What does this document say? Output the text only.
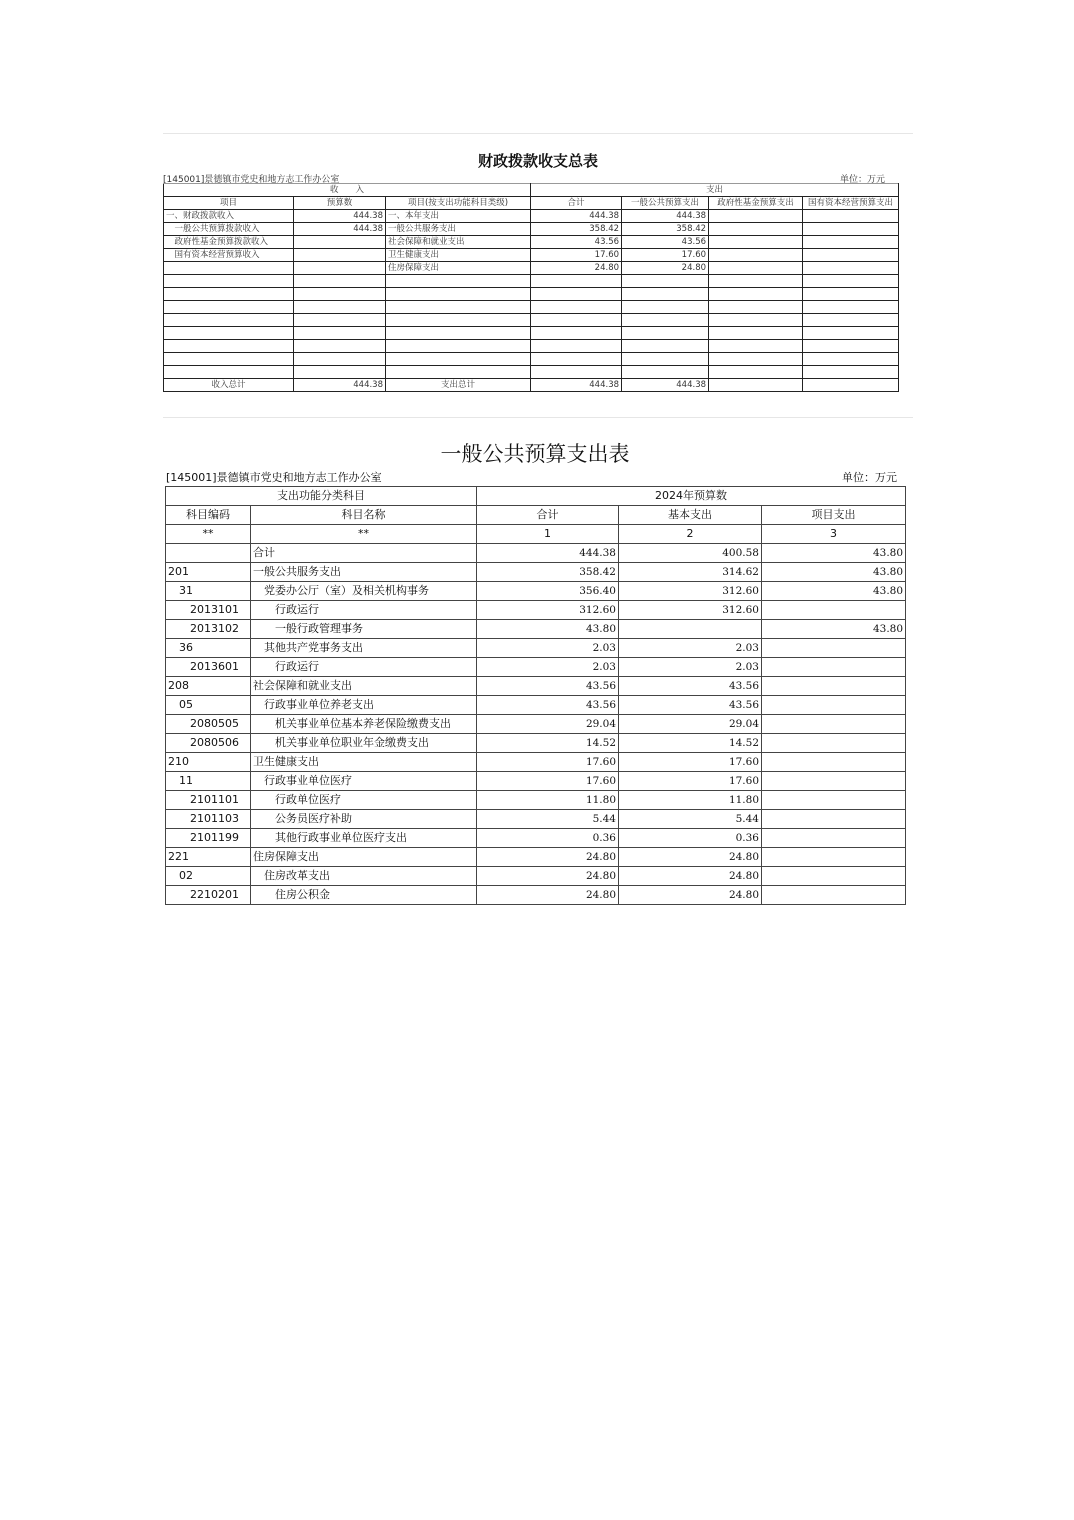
财政拨款收支总表
[145001]景德镇市党史和地方志工作办公室	单位：万元
收　　入			支出			
项目	预算数	项目(按支出功能科目类级)	合计	一般公共预算支出	政府性基金预算支出	国有资本经营预算支出
一、财政拨款收入	444.38	一、本年支出	444.38	444.38		
　一般公共预算拨款收入	444.38	一般公共服务支出	358.42	358.42		
　政府性基金预算拨款收入		社会保障和就业支出	43.56	43.56		
　国有资本经营预算收入		卫生健康支出	17.60	17.60		
		住房保障支出	24.80	24.80		

收入总计	444.38	支出总计	444.38	444.38		
一般公共预算支出表
[145001]景德镇市党史和地方志工作办公室	单位：万元
支出功能分类科目		2024年预算数		
科目编码	科目名称	合计	基本支出	项目支出
**	**	1	2	3
	合计	444.38	400.58	43.80
201	一般公共服务支出	358.42	314.62	43.80
　31	　党委办公厅（室）及相关机构事务	356.40	312.60	43.80
　　2013101	　　行政运行	312.60	312.60	
　　2013102	　　一般行政管理事务	43.80		43.80
　36	　其他共产党事务支出	2.03	2.03	
　　2013601	　　行政运行	2.03	2.03	
208	社会保障和就业支出	43.56	43.56	
　05	　行政事业单位养老支出	43.56	43.56	
　　2080505	　　机关事业单位基本养老保险缴费支出	29.04	29.04	
　　2080506	　　机关事业单位职业年金缴费支出	14.52	14.52	
210	卫生健康支出	17.60	17.60	
　11	　行政事业单位医疗	17.60	17.60	
　　2101101	　　行政单位医疗	11.80	11.80	
　　2101103	　　公务员医疗补助	5.44	5.44	
　　2101199	　　其他行政事业单位医疗支出	0.36	0.36	
221	住房保障支出	24.80	24.80	
　02	　住房改革支出	24.80	24.80	
　　2210201	　　住房公积金	24.80	24.80	
